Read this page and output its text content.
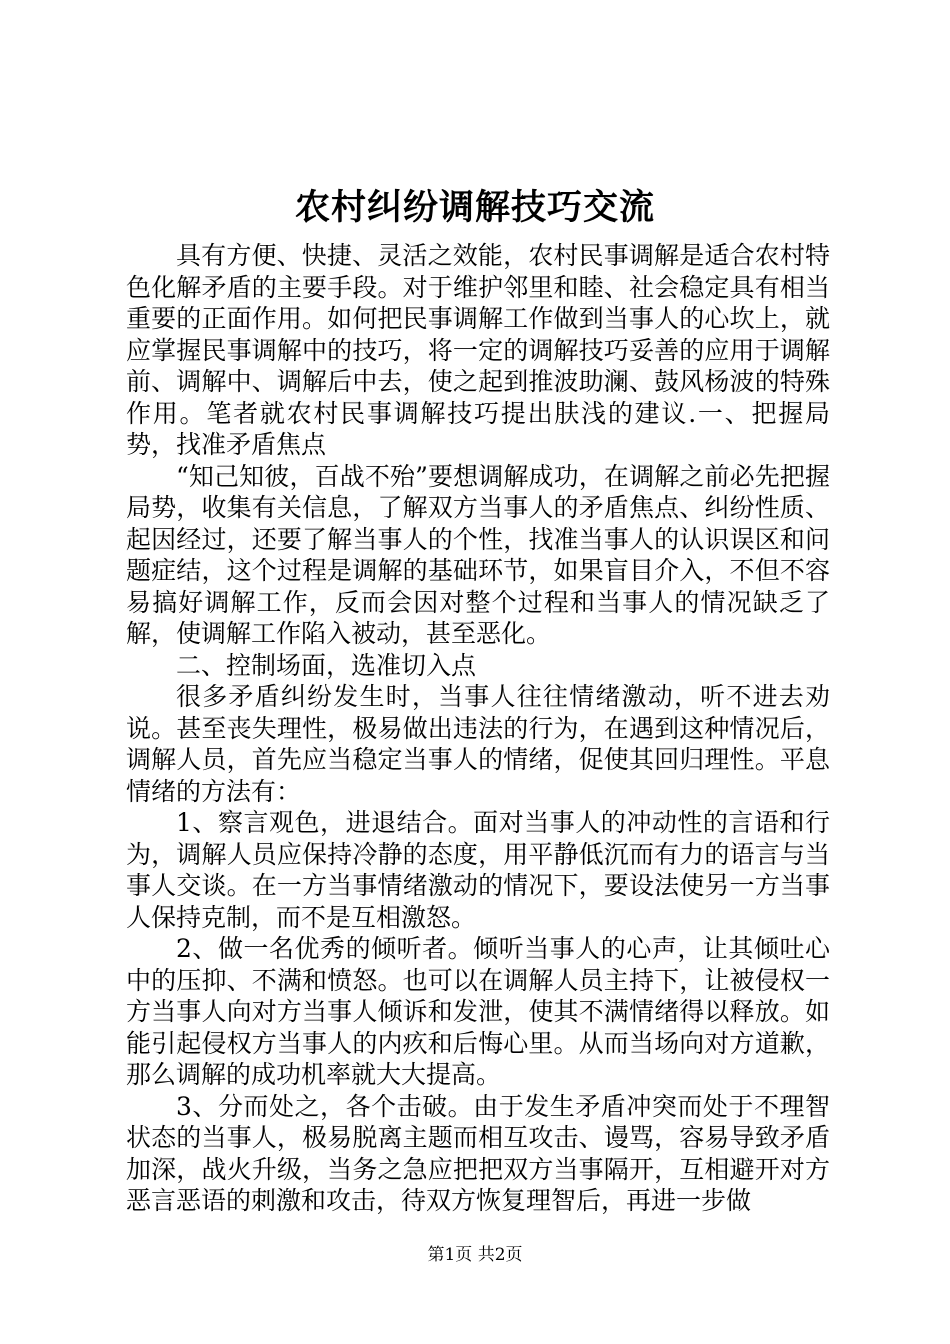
农村纠纷调解技巧交流

具有方便、快捷、灵活之效能，农村民事调解是适合农村特色化解矛盾的主要手段。对于维护邻里和睦、社会稳定具有相当重要的正面作用。如何把民事调解工作做到当事人的心坎上，就应掌握民事调解中的技巧，将一定的调解技巧妥善的应用于调解前、调解中、调解后中去，使之起到推波助澜、鼓风杨波的特殊作用。笔者就农村民事调解技巧提出肤浅的建议.一、把握局势，找准矛盾焦点

“知己知彼，百战不殆”要想调解成功，在调解之前必先把握局势，收集有关信息，了解双方当事人的矛盾焦点、纠纷性质、起因经过，还要了解当事人的个性，找准当事人的认识误区和问题症结，这个过程是调解的基础环节，如果盲目介入，不但不容易搞好调解工作，反而会因对整个过程和当事人的情况缺乏了解，使调解工作陷入被动，甚至恶化。

二、控制场面，选准切入点

很多矛盾纠纷发生时，当事人往往情绪激动，听不进去劝说。甚至丧失理性，极易做出违法的行为，在遇到这种情况后，调解人员，首先应当稳定当事人的情绪，促使其回归理性。平息情绪的方法有：

1、察言观色，进退结合。面对当事人的冲动性的言语和行为，调解人员应保持冷静的态度，用平静低沉而有力的语言与当事人交谈。在一方当事情绪激动的情况下，要设法使另一方当事人保持克制，而不是互相激怒。

2、做一名优秀的倾听者。倾听当事人的心声，让其倾吐心中的压抑、不满和愤怒。也可以在调解人员主持下，让被侵权一方当事人向对方当事人倾诉和发泄，使其不满情绪得以释放。如能引起侵权方当事人的内疚和后悔心里。从而当场向对方道歉，那么调解的成功机率就大大提高。

3、分而处之，各个击破。由于发生矛盾冲突而处于不理智状态的当事人，极易脱离主题而相互攻击、谩骂，容易导致矛盾加深，战火升级，当务之急应把把双方当事隔开，互相避开对方恶言恶语的刺激和攻击，待双方恢复理智后，再进一步做

第1页 共2页
